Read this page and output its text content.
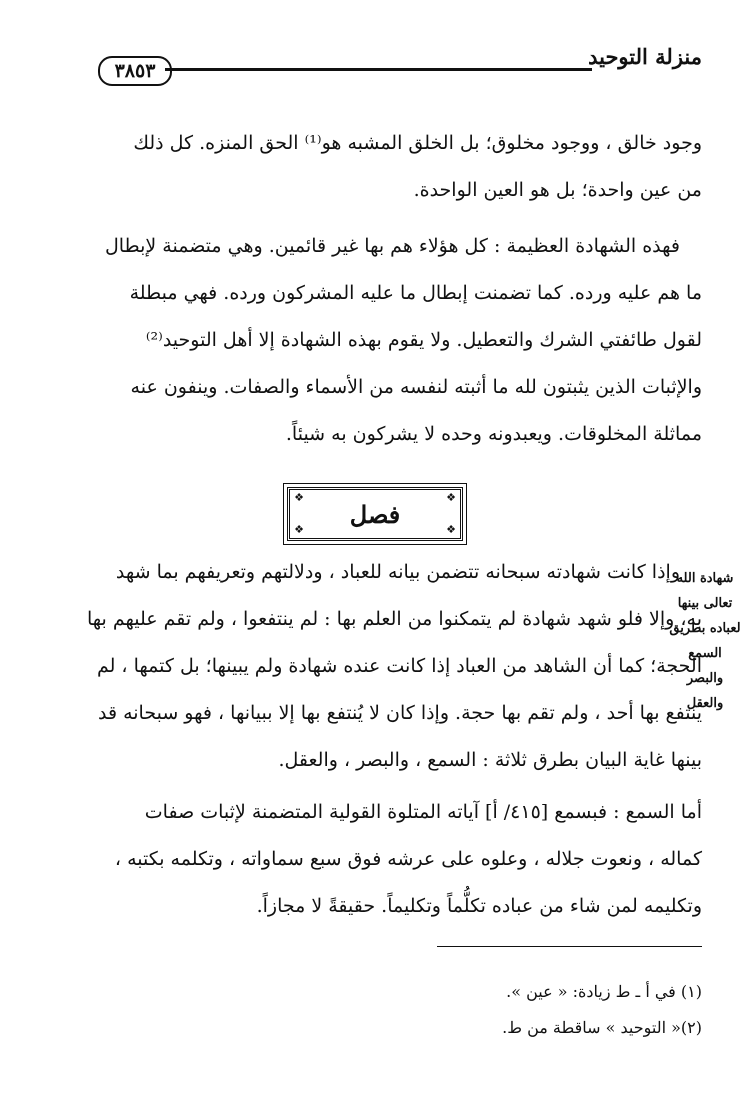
منزلة التوحيد
٣٨٥٣

وجود خالق ، ووجود مخلوق؛ بل الخلق المشبه هو⁽¹⁾ الحق المنزه. كل ذلك

من عين واحدة؛ بل هو العين الواحدة.

فهذه الشهادة العظيمة : كل هؤلاء هم بها غير قائمين. وهي متضمنة لإبطال

ما هم عليه ورده. كما تضمنت إبطال ما عليه المشركون ورده. فهي مبطلة

لقول طائفتي الشرك والتعطيل. ولا يقوم بهذه الشهادة إلا أهل التوحيد⁽²⁾

والإثبات الذين يثبتون لله ما أثبته لنفسه من الأسماء والصفات. وينفون عنه

مماثلة المخلوقات. ويعبدونه وحده لا يشركون به شيئاً.

❖	❖
❖	❖
فصل
شهادة الله
تعالى بينها
لعباده بطريق
السمع
والبصر
والعقل

وإذا كانت شهادته سبحانه تتضمن بيانه للعباد ، ودلالتهم وتعريفهم بما شهد

به، وإلا فلو شهد شهادة لم يتمكنوا من العلم بها : لم ينتفعوا ، ولم تقم عليهم بها

الحجة؛ كما أن الشاهد من العباد إذا كانت عنده شهادة ولم يبينها؛ بل كتمها ، لم

ينتفع بها أحد ، ولم تقم بها حجة. وإذا كان لا يُنتفع بها إلا ببيانها ، فهو سبحانه قد

بينها غاية البيان بطرق ثلاثة : السمع ، والبصر ، والعقل.

أما السمع : فبسمع [٤١٥/ أ] آياته المتلوة القولية المتضمنة لإثبات صفات

كماله ، ونعوت جلاله ، وعلوه على عرشه فوق سبع سماواته ، وتكلمه بكتبه ،

وتكليمه لمن شاء من عباده تكلُّماً وتكليماً. حقيقةً لا مجازاً.

(١) في أ ـ ط زيادة: « عين ».

(٢)« التوحيد » ساقطة من ط.
